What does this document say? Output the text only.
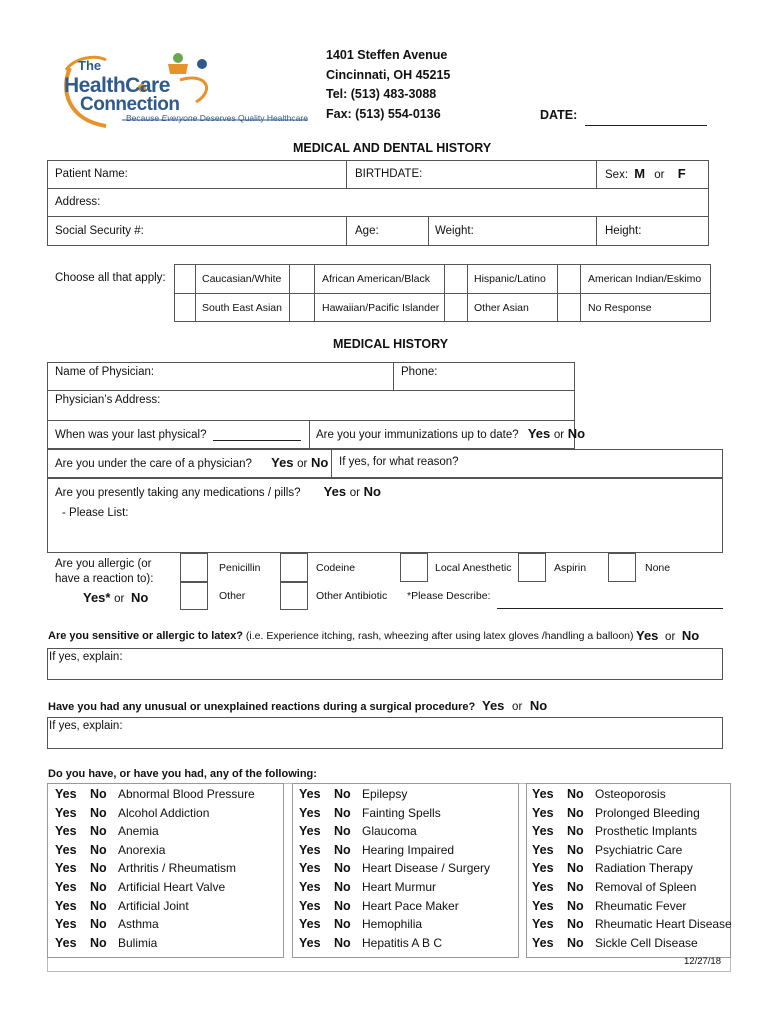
The
HealthCare
Connection
Because Everyone Deserves Quality Healthcare
1401 Steffen Avenue
Cincinnati, OH 45215
Tel: (513) 483-3088
Fax: (513) 554-0136	DATE:
MEDICAL AND DENTAL HISTORY
Patient Name:	BIRTHDATE:	Sex: M or F
Address:
Social Security #:	Age:	Weight:	Height:
Choose all that apply:	Caucasian/White	African American/Black	Hispanic/Latino	American Indian/Eskimo
South East Asian	Hawaiian/Pacific Islander	Other Asian	No Response
MEDICAL HISTORY
Name of Physician:	Phone:
Physician’s Address:
When was your last physical?	Are you your immunizations up to date? Yes or No
Are you under the care of a physician? Yes or No If yes, for what reason?
Are you presently taking any medications / pills? Yes or No
- Please List:
Are you allergic (or
have a reaction to):
Yes* or No
Penicillin	Codeine	Local Anesthetic	Aspirin	None
Other	Other Antibiotic *Please Describe:
Are you sensitive or allergic to latex? (i.e. Experience itching, rash, wheezing after using latex gloves /handling a balloon) Yes or No
If yes, explain:
Have you had any unusual or unexplained reactions during a surgical procedure? Yes or No
If yes, explain:
Do you have, or have you had, any of the following:
Yes No Abnormal Blood Pressure
Yes No Alcohol Addiction
Yes No Anemia
Yes No Anorexia
Yes No Arthritis / Rheumatism
Yes No Artificial Heart Valve
Yes No Artificial Joint
Yes No Asthma
Yes No Bulimia
Yes No Epilepsy
Yes No Fainting Spells
Yes No Glaucoma
Yes No Hearing Impaired
Yes No Heart Disease / Surgery
Yes No Heart Murmur
Yes No Heart Pace Maker
Yes No Hemophilia
Yes No Hepatitis A B C
Yes No Osteoporosis
Yes No Prolonged Bleeding
Yes No Prosthetic Implants
Yes No Psychiatric Care
Yes No Radiation Therapy
Yes No Removal of Spleen
Yes No Rheumatic Fever
Yes No Rheumatic Heart Disease
Yes No Sickle Cell Disease
12/27/18
